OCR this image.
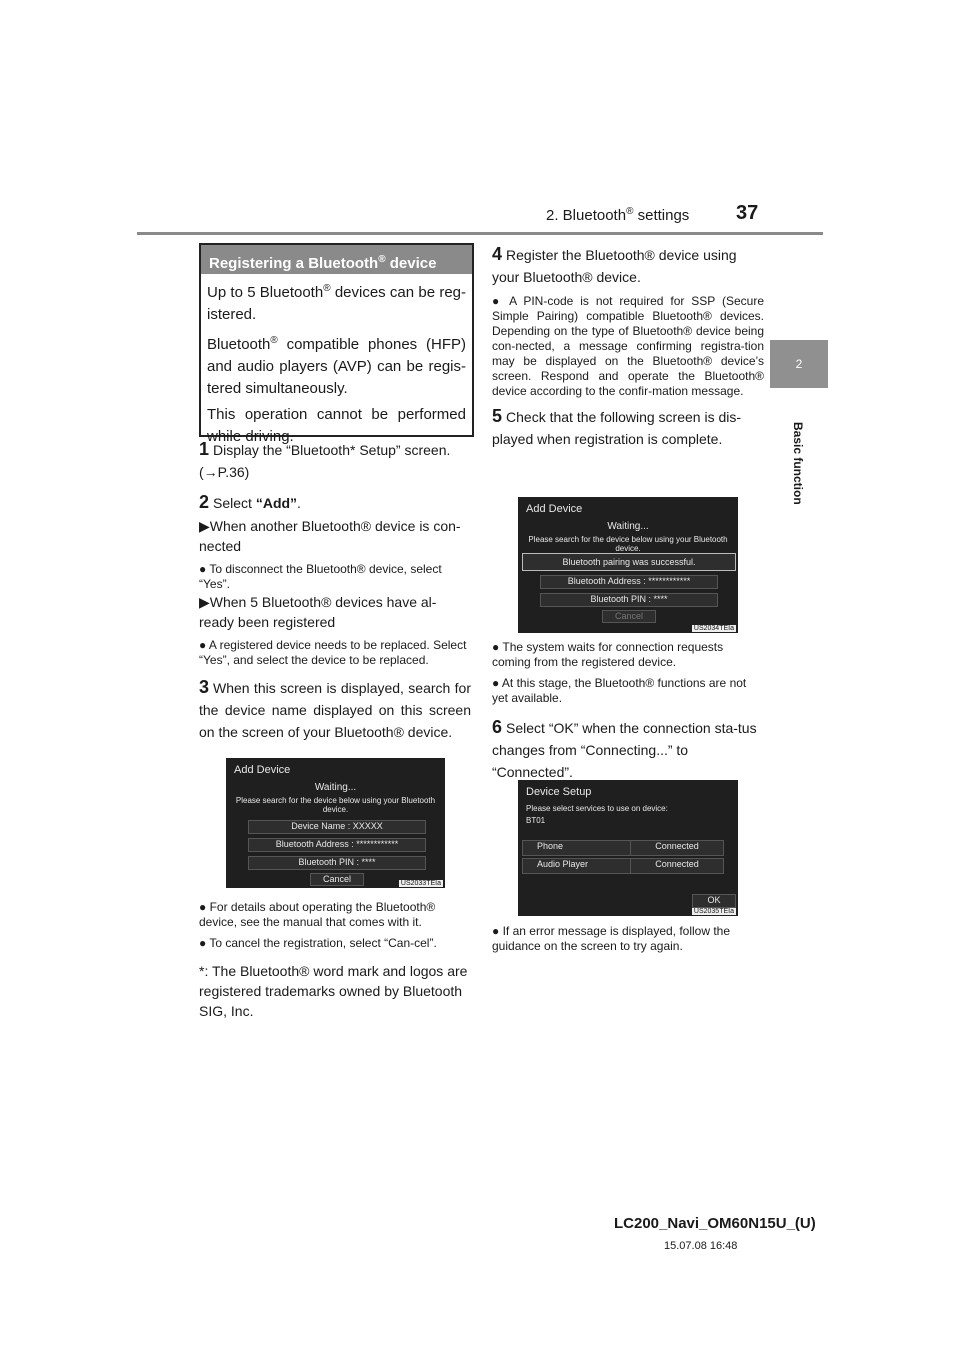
2. Bluetooth® settings 37
2
Basic function
Registering a Bluetooth® device

Up to 5 Bluetooth® devices can be reg-istered.

Bluetooth® compatible phones (HFP) and audio players (AVP) can be regis-tered simultaneously.

This operation cannot be performed while driving.

1 Display the “Bluetooth* Setup” screen. (→P.36)
2 Select “Add”.
▶When another Bluetooth® device is con-nected
● To disconnect the Bluetooth® device, select “Yes”.
▶When 5 Bluetooth® devices have al-ready been registered
● A registered device needs to be replaced. Select “Yes”, and select the device to be replaced.
3 When this screen is displayed, search for the device name displayed on this screen on the screen of your Bluetooth® device.
Add Device
Waiting...
Please search for the device below using your Bluetooth device.
Device Name : XXXXX
Bluetooth Address : ************
Bluetooth PIN : ****
Cancel	US2033TEIa
● For details about operating the Bluetooth® device, see the manual that comes with it.
● To cancel the registration, select “Can-cel”.
*: The Bluetooth® word mark and logos are registered trademarks owned by Bluetooth SIG, Inc.
4 Register the Bluetooth® device using your Bluetooth® device.
● A PIN-code is not required for SSP (Secure Simple Pairing) compatible Bluetooth® devices. Depending on the type of Bluetooth® device being con-nected, a message confirming registra-tion may be displayed on the Bluetooth® device’s screen. Respond and operate the Bluetooth® device according to the confir-mation message.
5 Check that the following screen is dis-played when registration is complete.
Add Device
Waiting...
Please search for the device below using your Bluetooth device.
Bluetooth pairing was successful.
Bluetooth Address : ************
Bluetooth PIN : ****
Cancel
US2034TEIa
● The system waits for connection requests coming from the registered device.
● At this stage, the Bluetooth® functions are not yet available.
6 Select “OK” when the connection sta-tus changes from “Connecting...” to “Connected”.
Device Setup
Please select services to use on device:
BT01
Phone	Connected
Audio Player	Connected
OK
US2035TEIa
● If an error message is displayed, follow the guidance on the screen to try again.
LC200_Navi_OM60N15U_(U)
15.07.08 16:48
